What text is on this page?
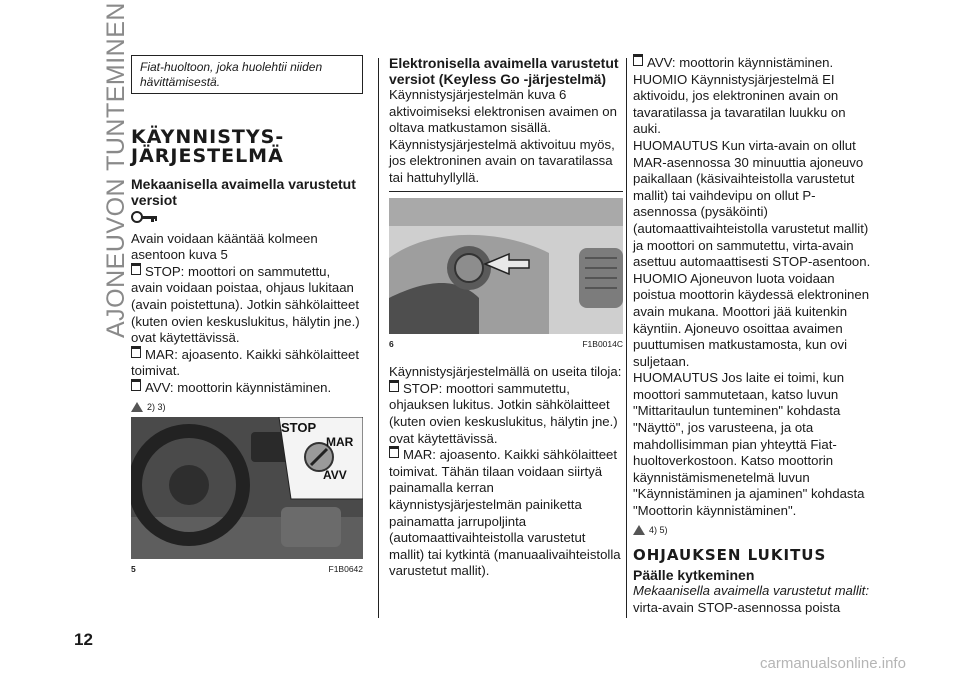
AJONEUVON TUNTEMINEN Fiat-huoltoon, joka huolehtii niiden hävittämisestä.
KÄYNNISTYS-
JÄRJESTELMÄ

Mekaanisella avaimella varustetut versiot

Avain voidaan kääntää kolmeen asentoon kuva 5

STOP: moottori on sammutettu, avain voidaan poistaa, ohjaus lukitaan (avain poistettuna). Jotkin sähkölaitteet (kuten ovien keskuslukitus, hälytin jne.) ovat käytettävissä.

MAR: ajoasento. Kaikki sähkölaitteet toimivat.

AVV: moottorin käynnistäminen.

2) 3)
STOP
MAR
AVV
5	F1B0642

Elektronisella avaimella varustetut versiot (Keyless Go -järjestelmä)

Käynnistysjärjestelmän kuva 6 aktivoimiseksi elektronisen avaimen on oltava matkustamon sisällä. Käynnistysjärjestelmä aktivoituu myös, jos elektroninen avain on tavaratilassa tai hattuhyllyllä.

6	F1B0014C

Käynnistysjärjestelmällä on useita tiloja:

STOP: moottori sammutettu, ohjauksen lukitus. Jotkin sähkölaitteet (kuten ovien keskuslukitus, hälytin jne.) ovat käytettävissä.

MAR: ajoasento. Kaikki sähkölaitteet toimivat. Tähän tilaan voidaan siirtyä painamalla kerran käynnistysjärjestelmän painiketta painamatta jarrupoljinta (automaattivaihteistolla varustetut mallit) tai kytkintä (manuaalivaihteistolla varustetut mallit).

AVV: moottorin käynnistäminen.

HUOMIO Käynnistysjärjestelmä EI aktivoidu, jos elektroninen avain on tavaratilassa ja tavaratilan luukku on auki.

HUOMAUTUS Kun virta-avain on ollut MAR-asennossa 30 minuuttia ajoneuvo paikallaan (käsivaihteistolla varustetut mallit) tai vaihdevipu on ollut P-asennossa (pysäköinti) (automaattivaihteistolla varustetut mallit) ja moottori on sammutettu, virta-avain asettuu automaattisesti STOP-asentoon.

HUOMIO Ajoneuvon luota voidaan poistua moottorin käydessä elektroninen avain mukana. Moottori jää kuitenkin käyntiin. Ajoneuvo osoittaa avaimen puuttumisen matkustamosta, kun ovi suljetaan.

HUOMAUTUS Jos laite ei toimi, kun moottori sammutetaan, katso luvun "Mittaritaulun tunteminen" kohdasta "Näyttö", jos varusteena, ja ota mahdollisimman pian yhteyttä Fiat-huoltoverkostoon. Katso moottorin käynnistämismenetelmä luvun "Käynnistäminen ja ajaminen" kohdasta "Moottorin käynnistäminen".

4) 5)
OHJAUKSEN LUKITUS

Päälle kytkeminen

Mekaanisella avaimella varustetut mallit:

virta-avain STOP-asennossa poista

12
carmanualsonline.info
